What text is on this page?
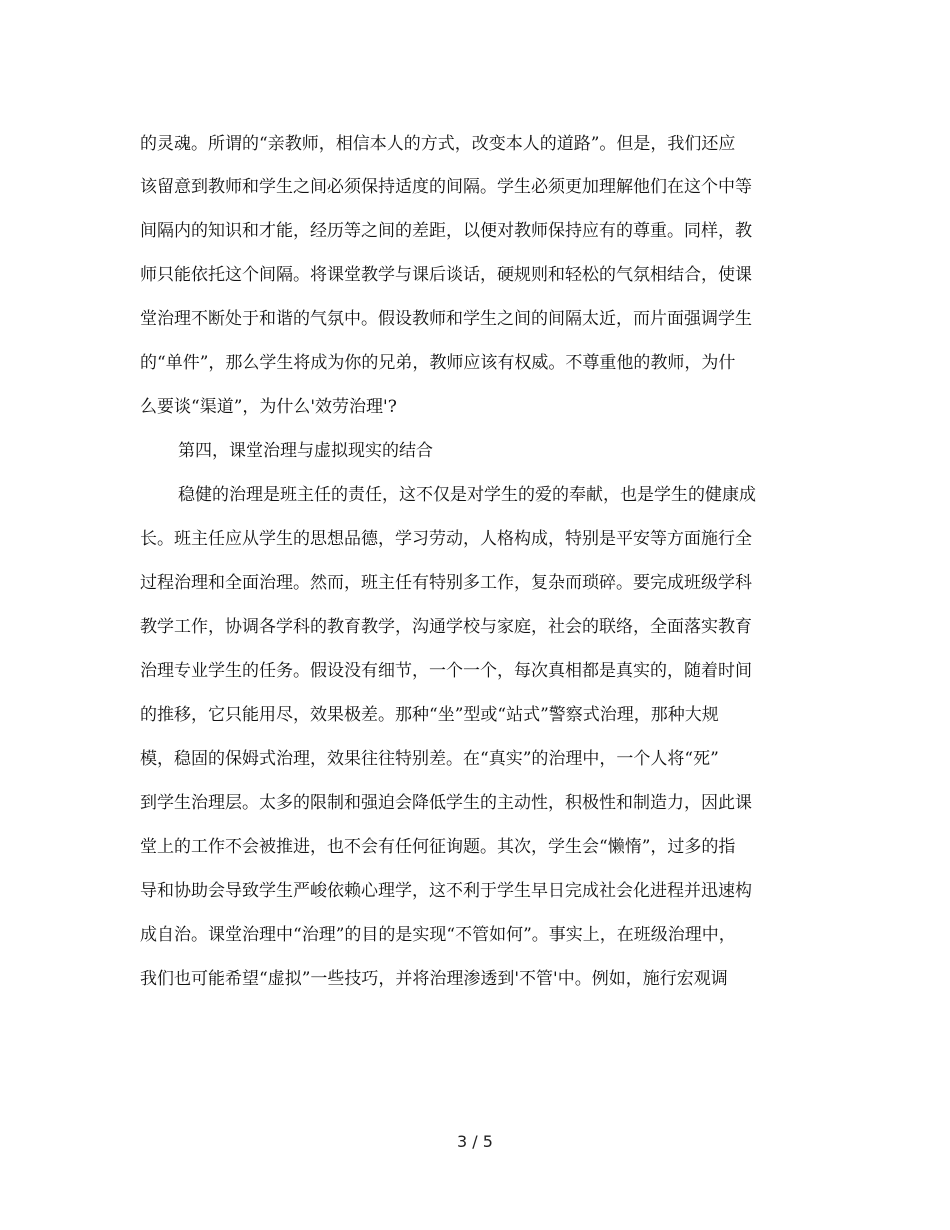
的灵魂。所谓的“亲教师，相信本人的方式，改变本人的道路”。但是，我们还应
该留意到教师和学生之间必须保持适度的间隔。学生必须更加理解他们在这个中等
间隔内的知识和才能，经历等之间的差距，以便对教师保持应有的尊重。同样，教
师只能依托这个间隔。将课堂教学与课后谈话，硬规则和轻松的气氛相结合，使课
堂治理不断处于和谐的气氛中。假设教师和学生之间的间隔太近，而片面强调学生
的“单件”，那么学生将成为你的兄弟，教师应该有权威。不尊重他的教师，为什
么要谈“渠道”，为什么'效劳治理'?
第四，课堂治理与虚拟现实的结合
稳健的治理是班主任的责任，这不仅是对学生的爱的奉献，也是学生的健康成
长。班主任应从学生的思想品德，学习劳动，人格构成，特别是平安等方面施行全
过程治理和全面治理。然而，班主任有特别多工作，复杂而琐碎。要完成班级学科
教学工作，协调各学科的教育教学，沟通学校与家庭，社会的联络，全面落实教育
治理专业学生的任务。假设没有细节，一个一个，每次真相都是真实的，随着时间
的推移，它只能用尽，效果极差。那种“坐”型或“站式”警察式治理，那种大规
模，稳固的保姆式治理，效果往往特别差。在“真实”的治理中，一个人将“死”
到学生治理层。太多的限制和强迫会降低学生的主动性，积极性和制造力，因此课
堂上的工作不会被推进，也不会有任何征询题。其次，学生会“懒惰”，过多的指
导和协助会导致学生严峻依赖心理学，这不利于学生早日完成社会化进程并迅速构
成自治。课堂治理中“治理”的目的是实现“不管如何”。事实上，在班级治理中，
我们也可能希望“虚拟”一些技巧，并将治理渗透到'不管'中。例如，施行宏观调
3 / 5
